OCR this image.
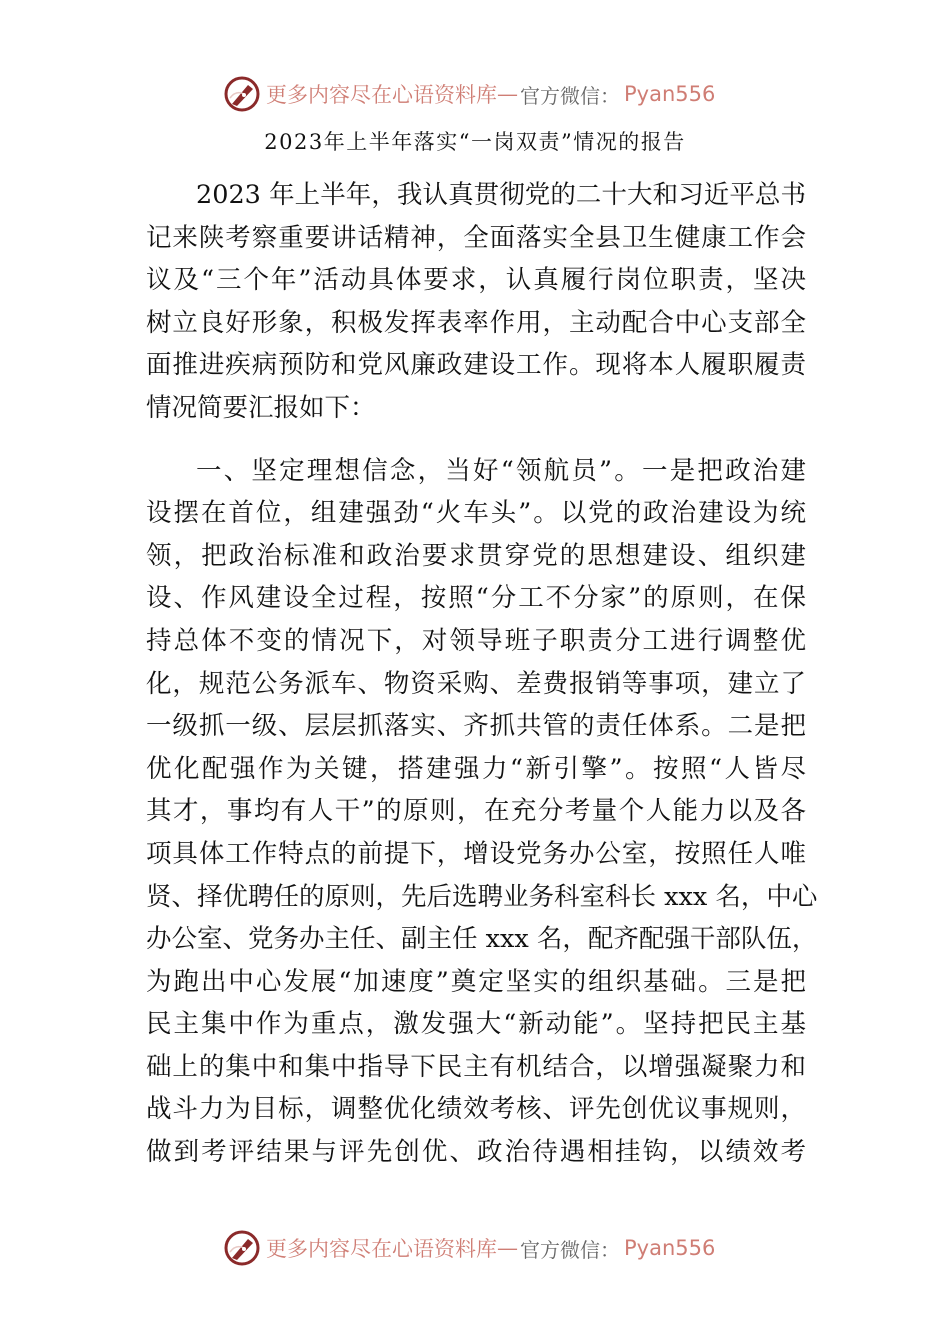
更多内容尽在心语资料库 — 官方微信： Pyan556
2023年上半年落实“一岗双责”情况的报告
2023 年上半年，我认真贯彻党的二十大和习近平总书
记来陕考察重要讲话精神，全面落实全县卫生健康工作会
议及“三个年”活动具体要求，认真履行岗位职责，坚决
树立良好形象，积极发挥表率作用，主动配合中心支部全
面推进疾病预防和党风廉政建设工作。现将本人履职履责
情况简要汇报如下：
一、坚定理想信念，当好“领航员”。一是把政治建
设摆在首位，组建强劲“火车头”。以党的政治建设为统
领，把政治标准和政治要求贯穿党的思想建设、组织建
设、作风建设全过程，按照“分工不分家”的原则，在保
持总体不变的情况下，对领导班子职责分工进行调整优
化，规范公务派车、物资采购、差费报销等事项，建立了
一级抓一级、层层抓落实、齐抓共管的责任体系。二是把
优化配强作为关键，搭建强力“新引擎”。按照“人皆尽
其才，事均有人干”的原则，在充分考量个人能力以及各
项具体工作特点的前提下，增设党务办公室，按照任人唯
贤、择优聘任的原则，先后选聘业务科室科长 xxx 名，中心
办公室、党务办主任、副主任 xxx 名，配齐配强干部队伍，
为跑出中心发展“加速度”奠定坚实的组织基础。三是把
民主集中作为重点，激发强大“新动能”。坚持把民主基
础上的集中和集中指导下民主有机结合，以增强凝聚力和
战斗力为目标，调整优化绩效考核、评先创优议事规则，
做到考评结果与评先创优、政治待遇相挂钩，以绩效考
更多内容尽在心语资料库 — 官方微信： Pyan556
